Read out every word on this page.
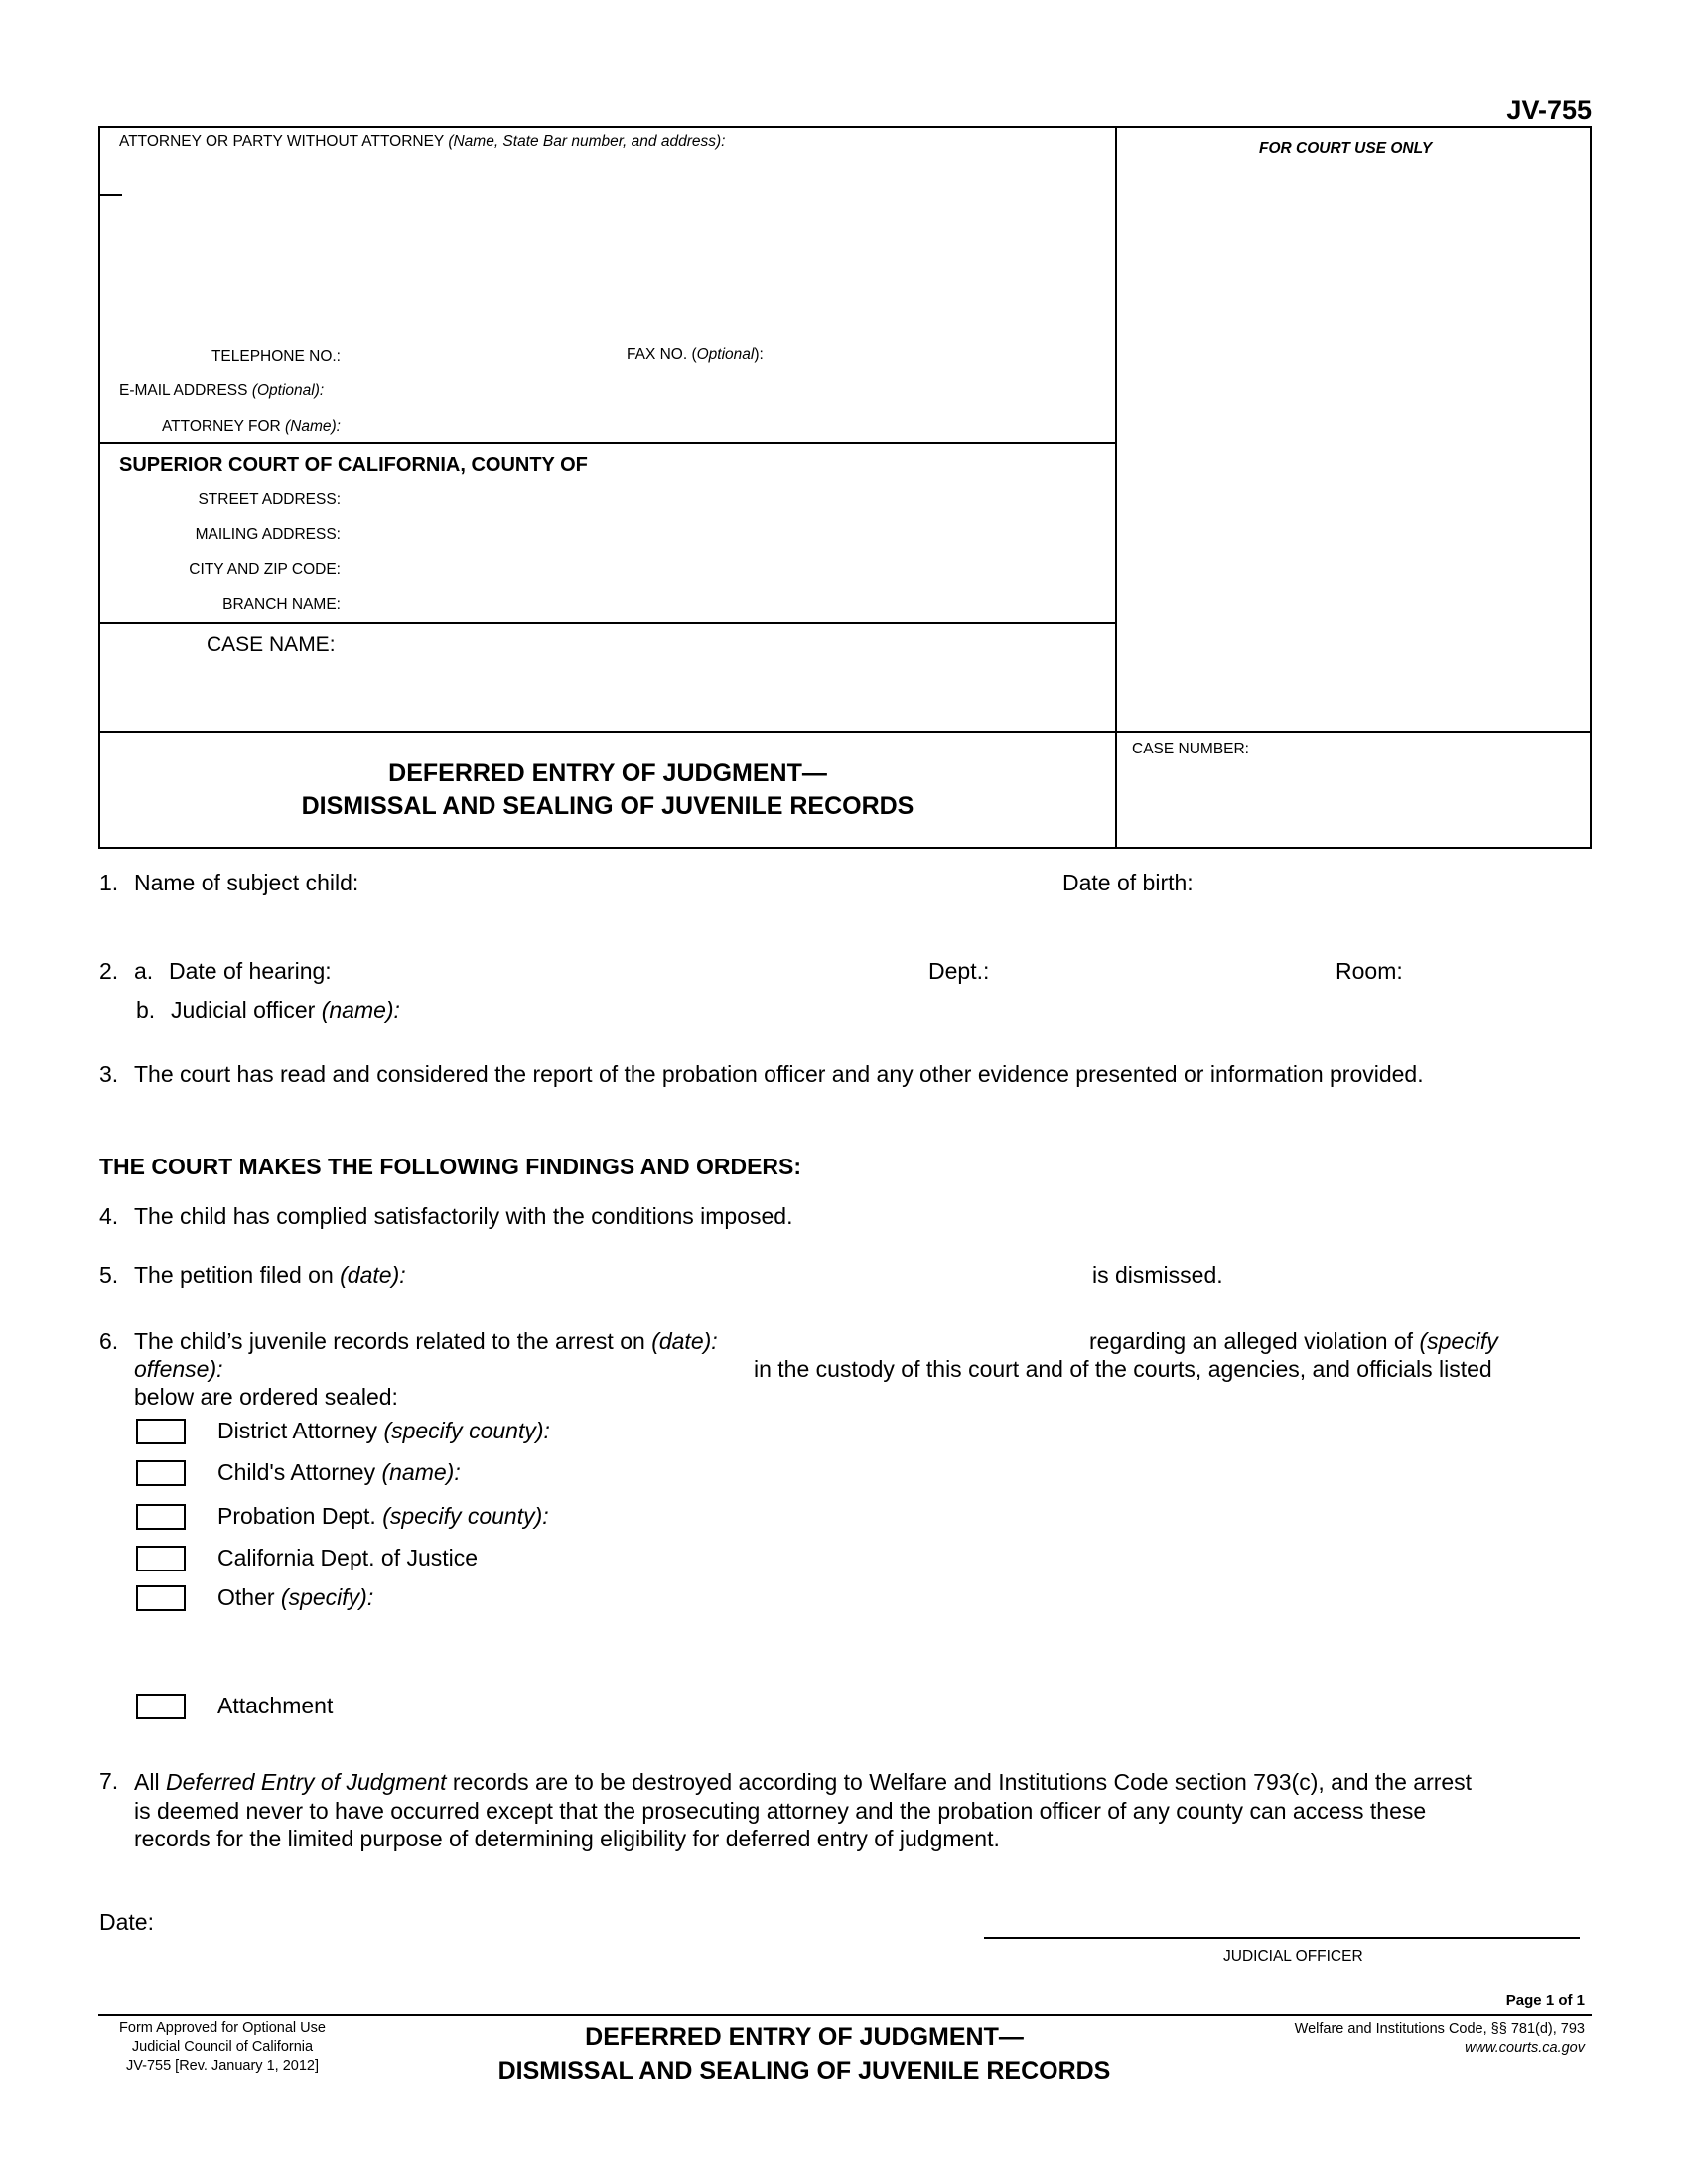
JV-755
ATTORNEY OR PARTY WITHOUT ATTORNEY (Name, State Bar number, and address):	FOR COURT USE ONLY
TELEPHONE NO.:	FAX NO. (Optional):
E-MAIL ADDRESS (Optional):
ATTORNEY FOR (Name):
SUPERIOR COURT OF CALIFORNIA, COUNTY OF
STREET ADDRESS:
MAILING ADDRESS:
CITY AND ZIP CODE:
BRANCH NAME:
CASE NAME:
DEFERRED ENTRY OF JUDGMENT—
DISMISSAL AND SEALING OF JUVENILE RECORDS
CASE NUMBER:
1. Name of subject child:	Date of birth:
2. a. Date of hearing:	Dept.:	Room:
b. Judicial officer (name):
3. The court has read and considered the report of the probation officer and any other evidence presented or information provided.
THE COURT MAKES THE FOLLOWING FINDINGS AND ORDERS:
4. The child has complied satisfactorily with the conditions imposed.
5. The petition filed on (date):	is dismissed.
6. The child’s juvenile records related to the arrest on (date):	regarding an alleged violation of (specify
offense):	in the custody of this court and of the courts, agencies, and officials listed
below are ordered sealed:
District Attorney (specify county):
Child's Attorney (name):
Probation Dept. (specify county):
California Dept. of Justice
Other (specify):
Attachment
7. All Deferred Entry of Judgment records are to be destroyed according to Welfare and Institutions Code section 793(c), and the arrest
is deemed never to have occurred except that the prosecuting attorney and the probation officer of any county can access these
records for the limited purpose of determining eligibility for deferred entry of judgment.
Date:
JUDICIAL OFFICER
Page 1 of 1
Form Approved for Optional Use
Judicial Council of California
JV-755 [Rev. January 1, 2012]
DEFERRED ENTRY OF JUDGMENT—
DISMISSAL AND SEALING OF JUVENILE RECORDS
Welfare and Institutions Code, §§ 781(d), 793
www.courts.ca.gov
